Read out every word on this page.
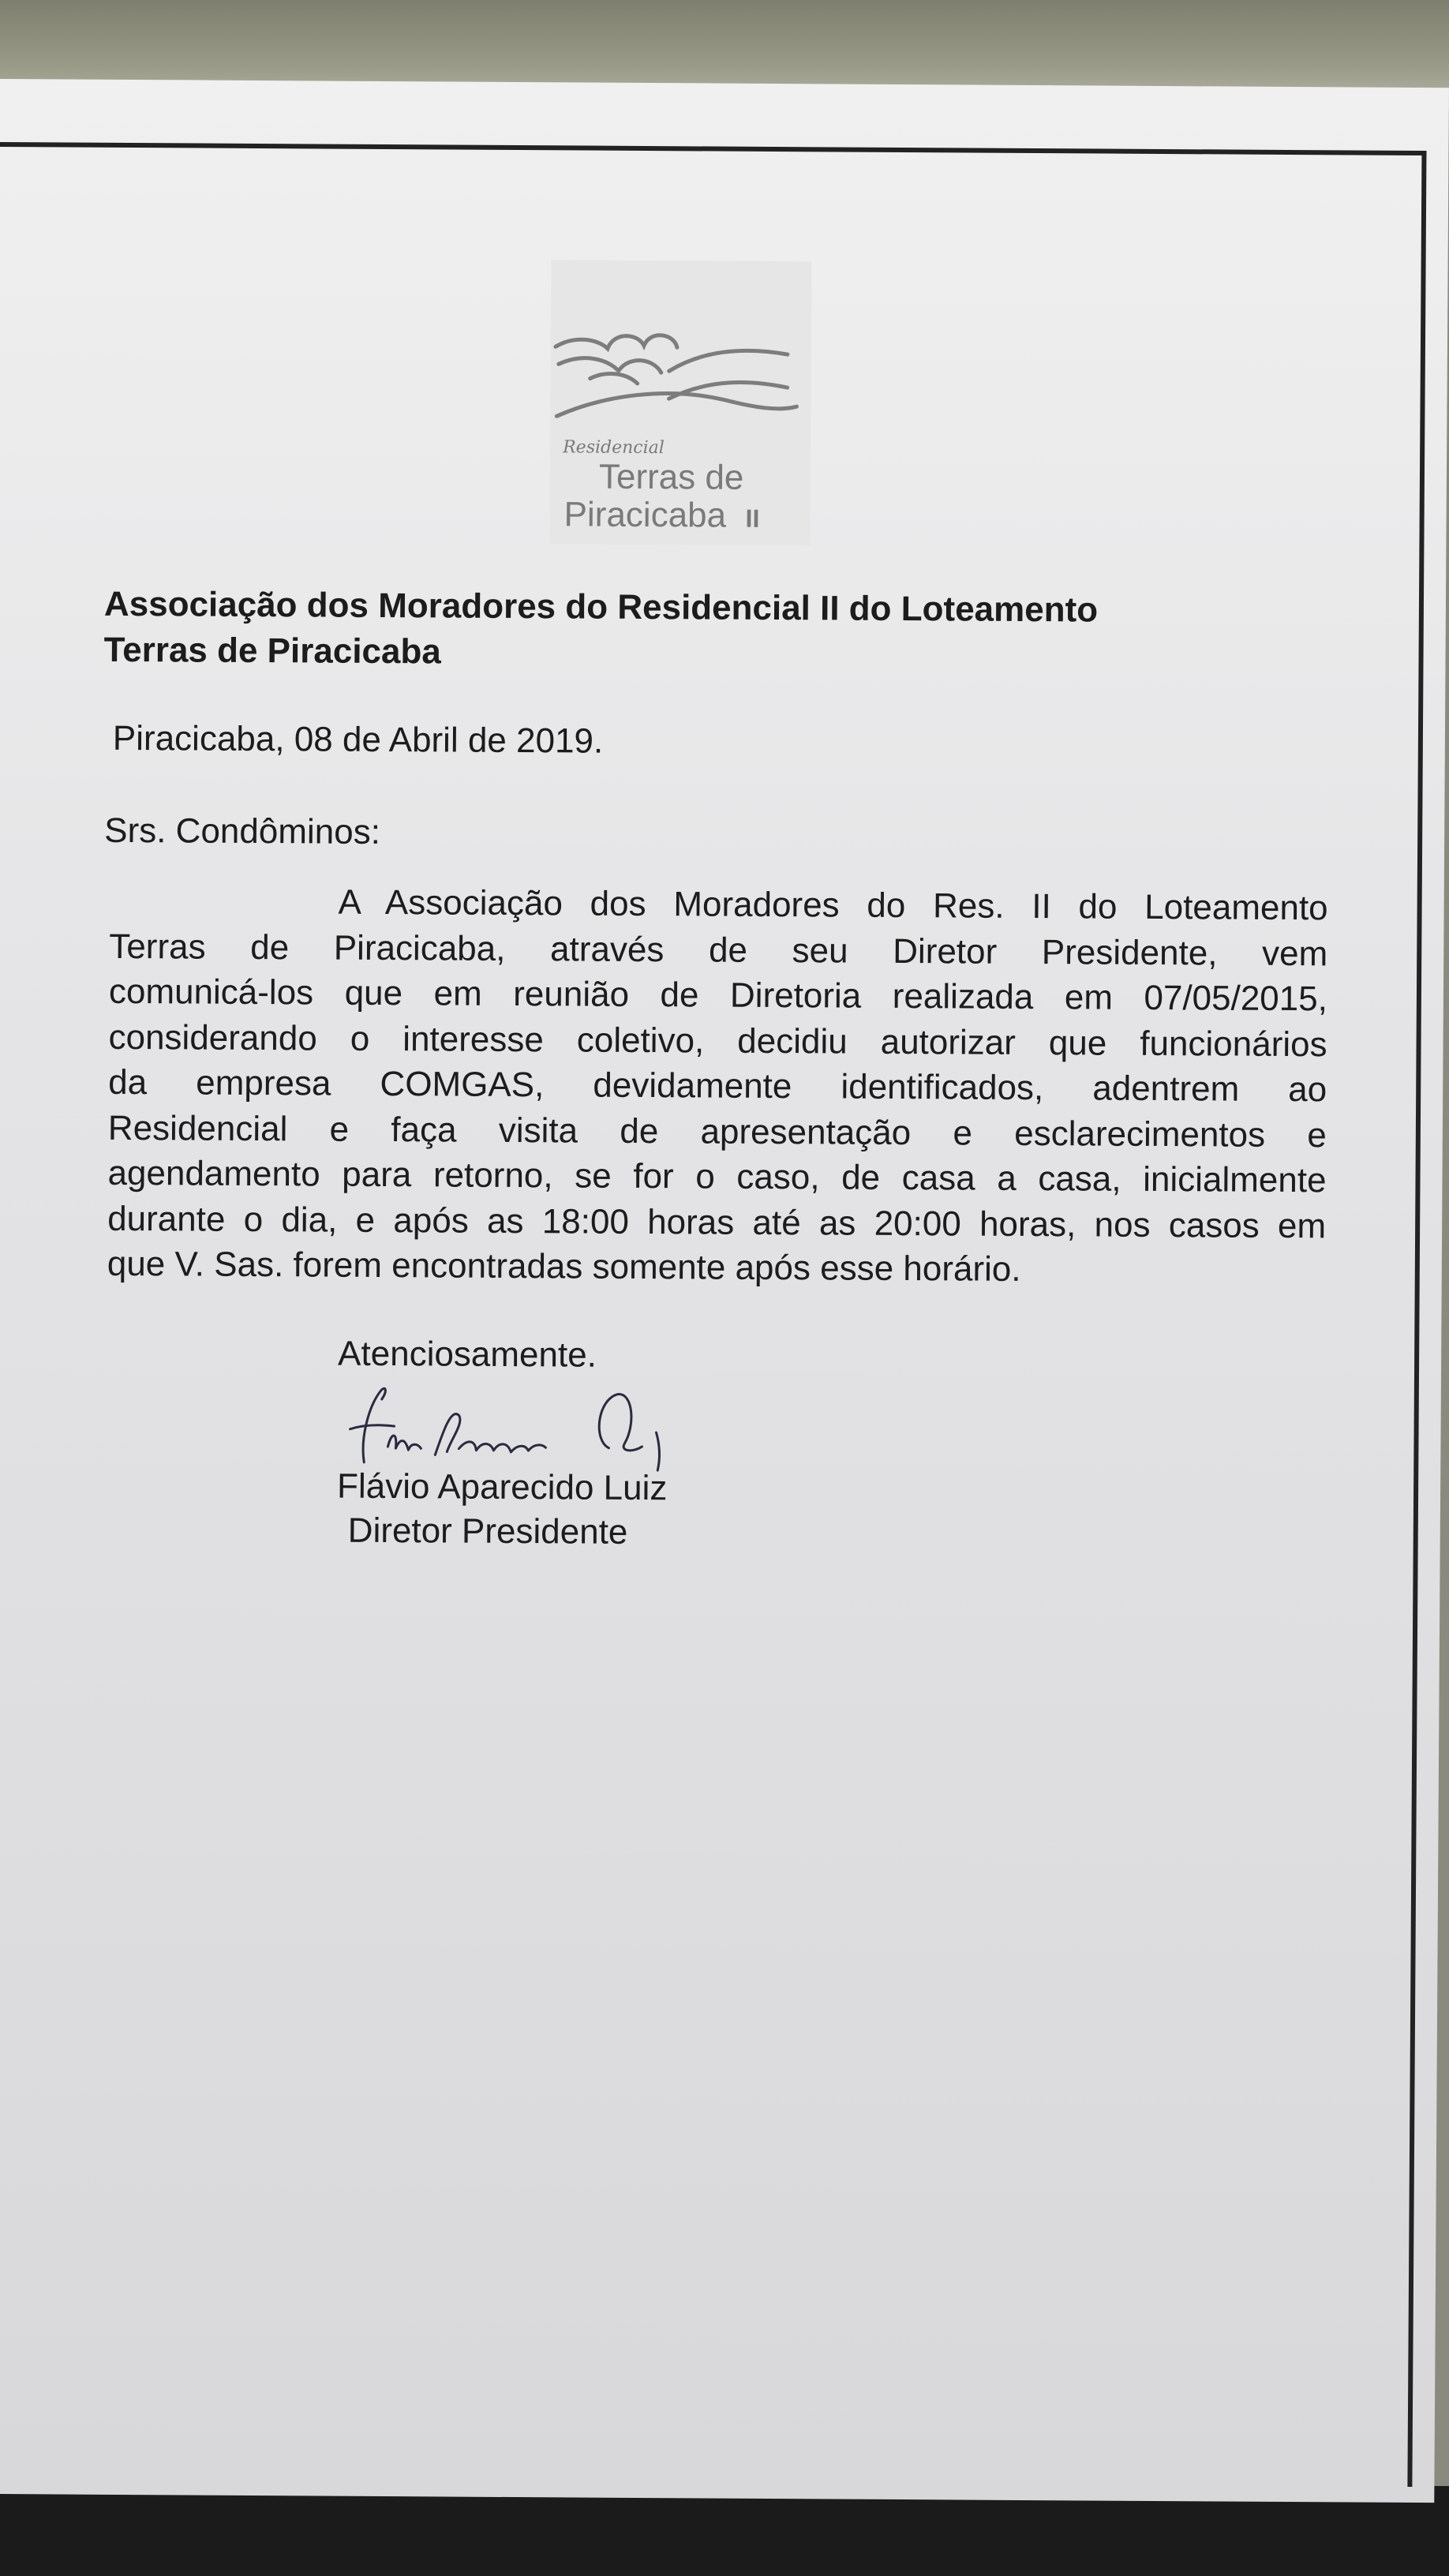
Residencial
Terras de
Piracicaba II
Associação dos Moradores do Residencial II do Loteamento
Terras de Piracicaba
Piracicaba, 08 de Abril de 2019.
Srs. Condôminos:
A Associação dos Moradores do Res. II do Loteamento
Terras de Piracicaba, através de seu Diretor Presidente, vem
comunicá-los que em reunião de Diretoria realizada em 07/05/2015,
considerando o interesse coletivo, decidiu autorizar que funcionários
da empresa COMGAS, devidamente identificados, adentrem ao
Residencial e faça visita de apresentação e esclarecimentos e
agendamento para retorno, se for o caso, de casa a casa, inicialmente
durante o dia, e após as 18:00 horas até as 20:00 horas, nos casos em
que V. Sas. forem encontradas somente após esse horário.
Atenciosamente.
Flávio Aparecido Luiz
Diretor Presidente
